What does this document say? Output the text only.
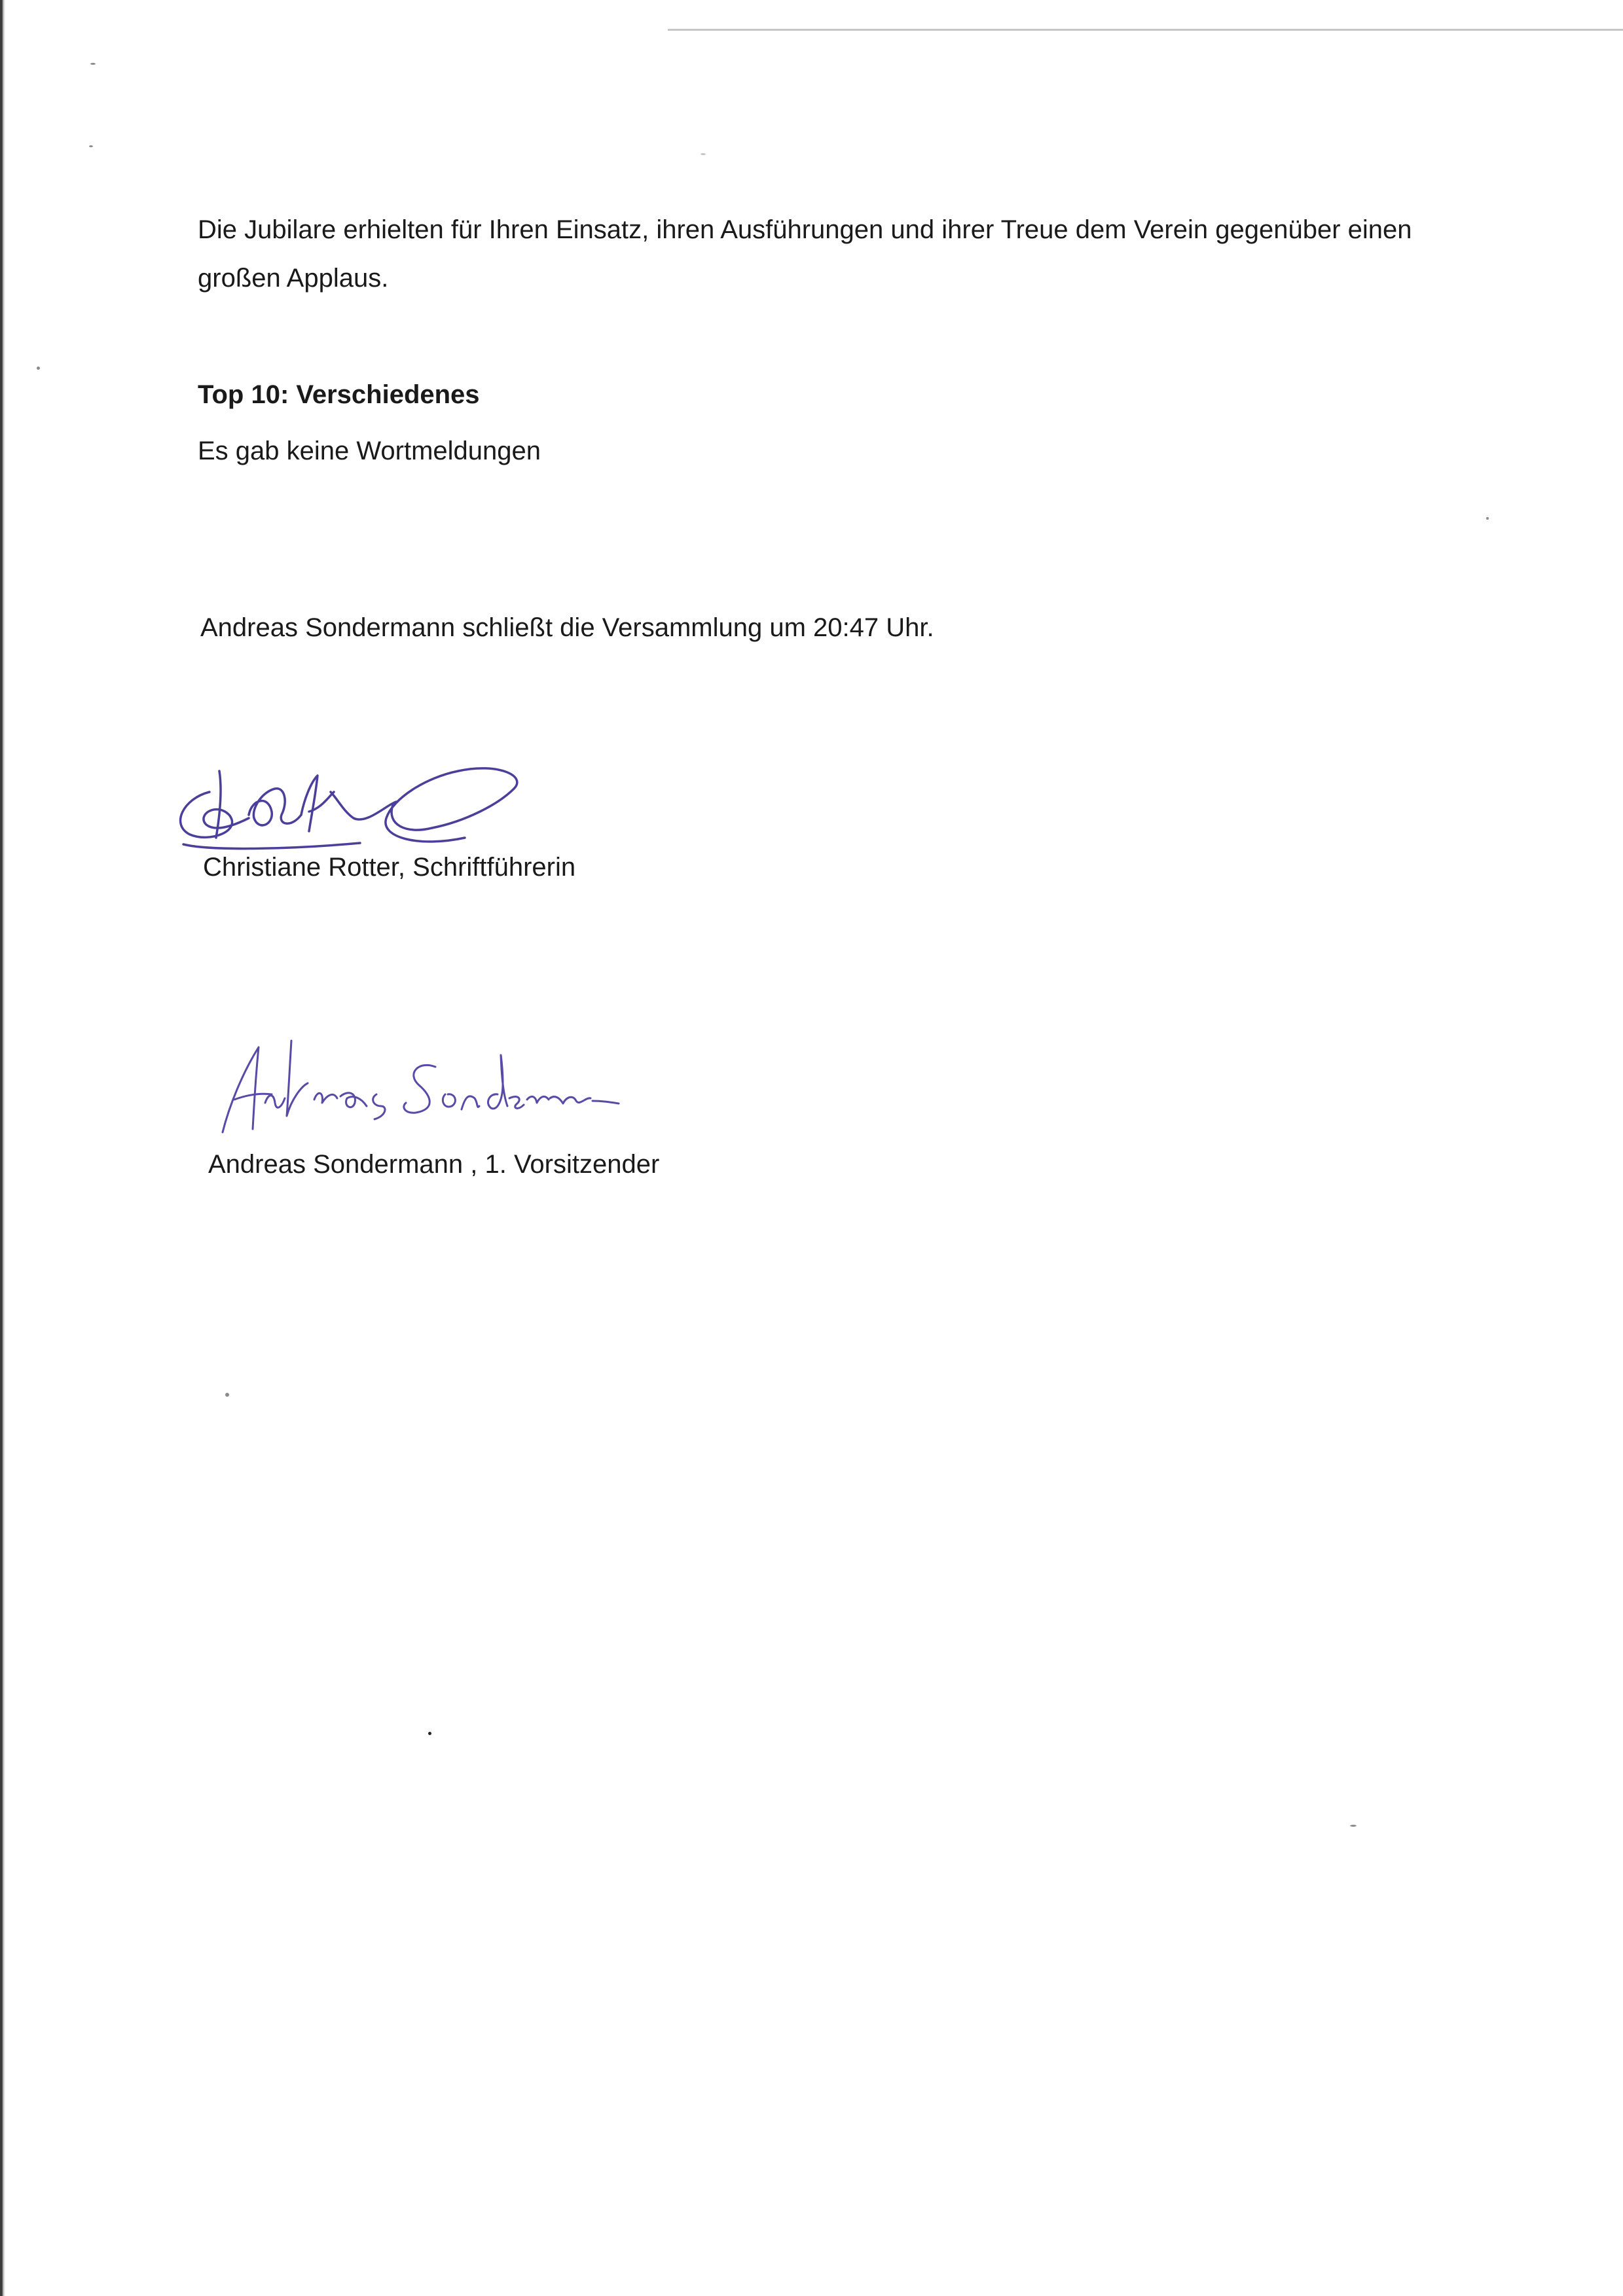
Die Jubilare erhielten für Ihren Einsatz, ihren Ausführungen und ihrer Treue dem Verein gegenüber einen großen Applaus.

Top 10: Verschiedenes

Es gab keine Wortmeldungen

Andreas Sondermann schließt die Versammlung um 20:47 Uhr.

Christiane Rotter, Schriftführerin

Andreas Sondermann , 1. Vorsitzender
